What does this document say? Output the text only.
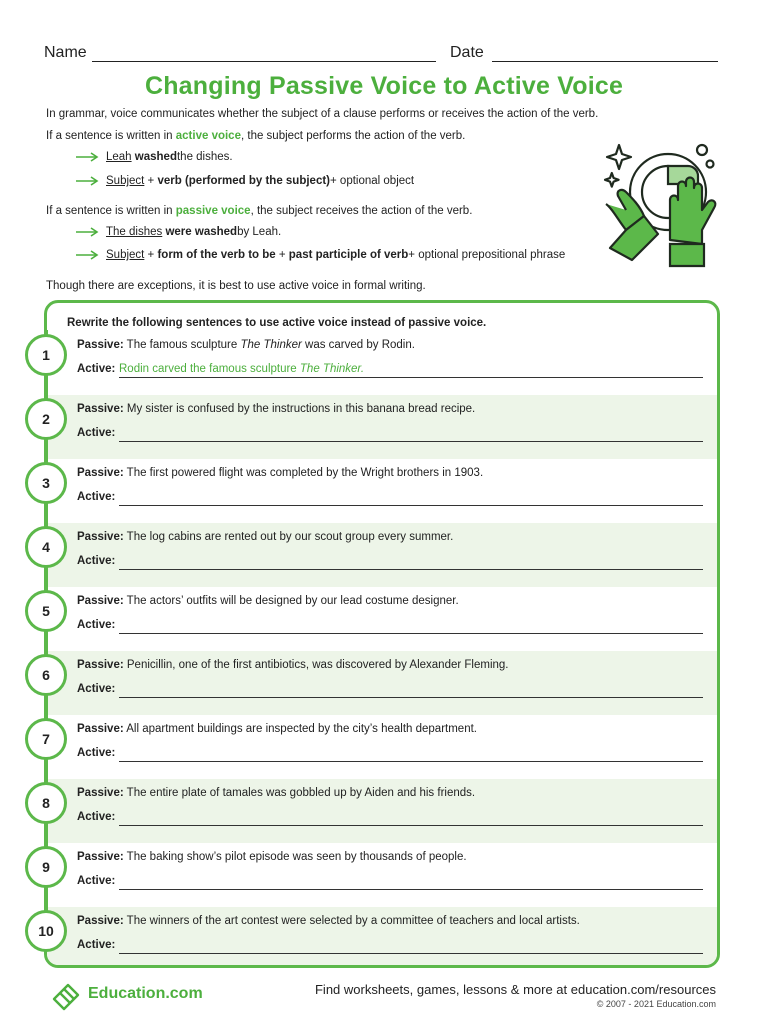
Name	Date
Changing Passive Voice to Active Voice
In grammar, voice communicates whether the subject of a clause performs or receives the action of the verb.
If a sentence is written in active voice, the subject performs the action of the verb.
Leah
washed the dishes.
Subject + verb (performed by the subject) + optional object
If a sentence is written in passive voice, the subject receives the action of the verb.
The dishes
were washed by Leah.
Subject + form of the verb to be + past participle of verb + optional prepositional phrase
Though there are exceptions, it is best to use active voice in formal writing.
Rewrite the following sentences to use active voice instead of passive voice.
Passive: The famous sculpture The Thinker was carved by Rodin.
Active: Rodin carved the famous sculpture The Thinker.
Passive: My sister is confused by the instructions in this banana bread recipe.
Active:
Passive: The first powered flight was completed by the Wright brothers in 1903.
Active:
Passive: The log cabins are rented out by our scout group every summer.
Active:
Passive: The actors’ outfits will be designed by our lead costume designer.
Active:
Passive: Penicillin, one of the first antibiotics, was discovered by Alexander Fleming.
Active:
Passive: All apartment buildings are inspected by the city’s health department.
Active:
Passive: The entire plate of tamales was gobbled up by Aiden and his friends.
Active:
Passive: The baking show’s pilot episode was seen by thousands of people.
Active:
Passive: The winners of the art contest were selected by a committee of teachers and local artists.
Active:
1
2
3
4
5
6
7
8
9
10
Education.com	Find worksheets, games, lessons & more at education.com/resources
© 2007 - 2021 Education.com
